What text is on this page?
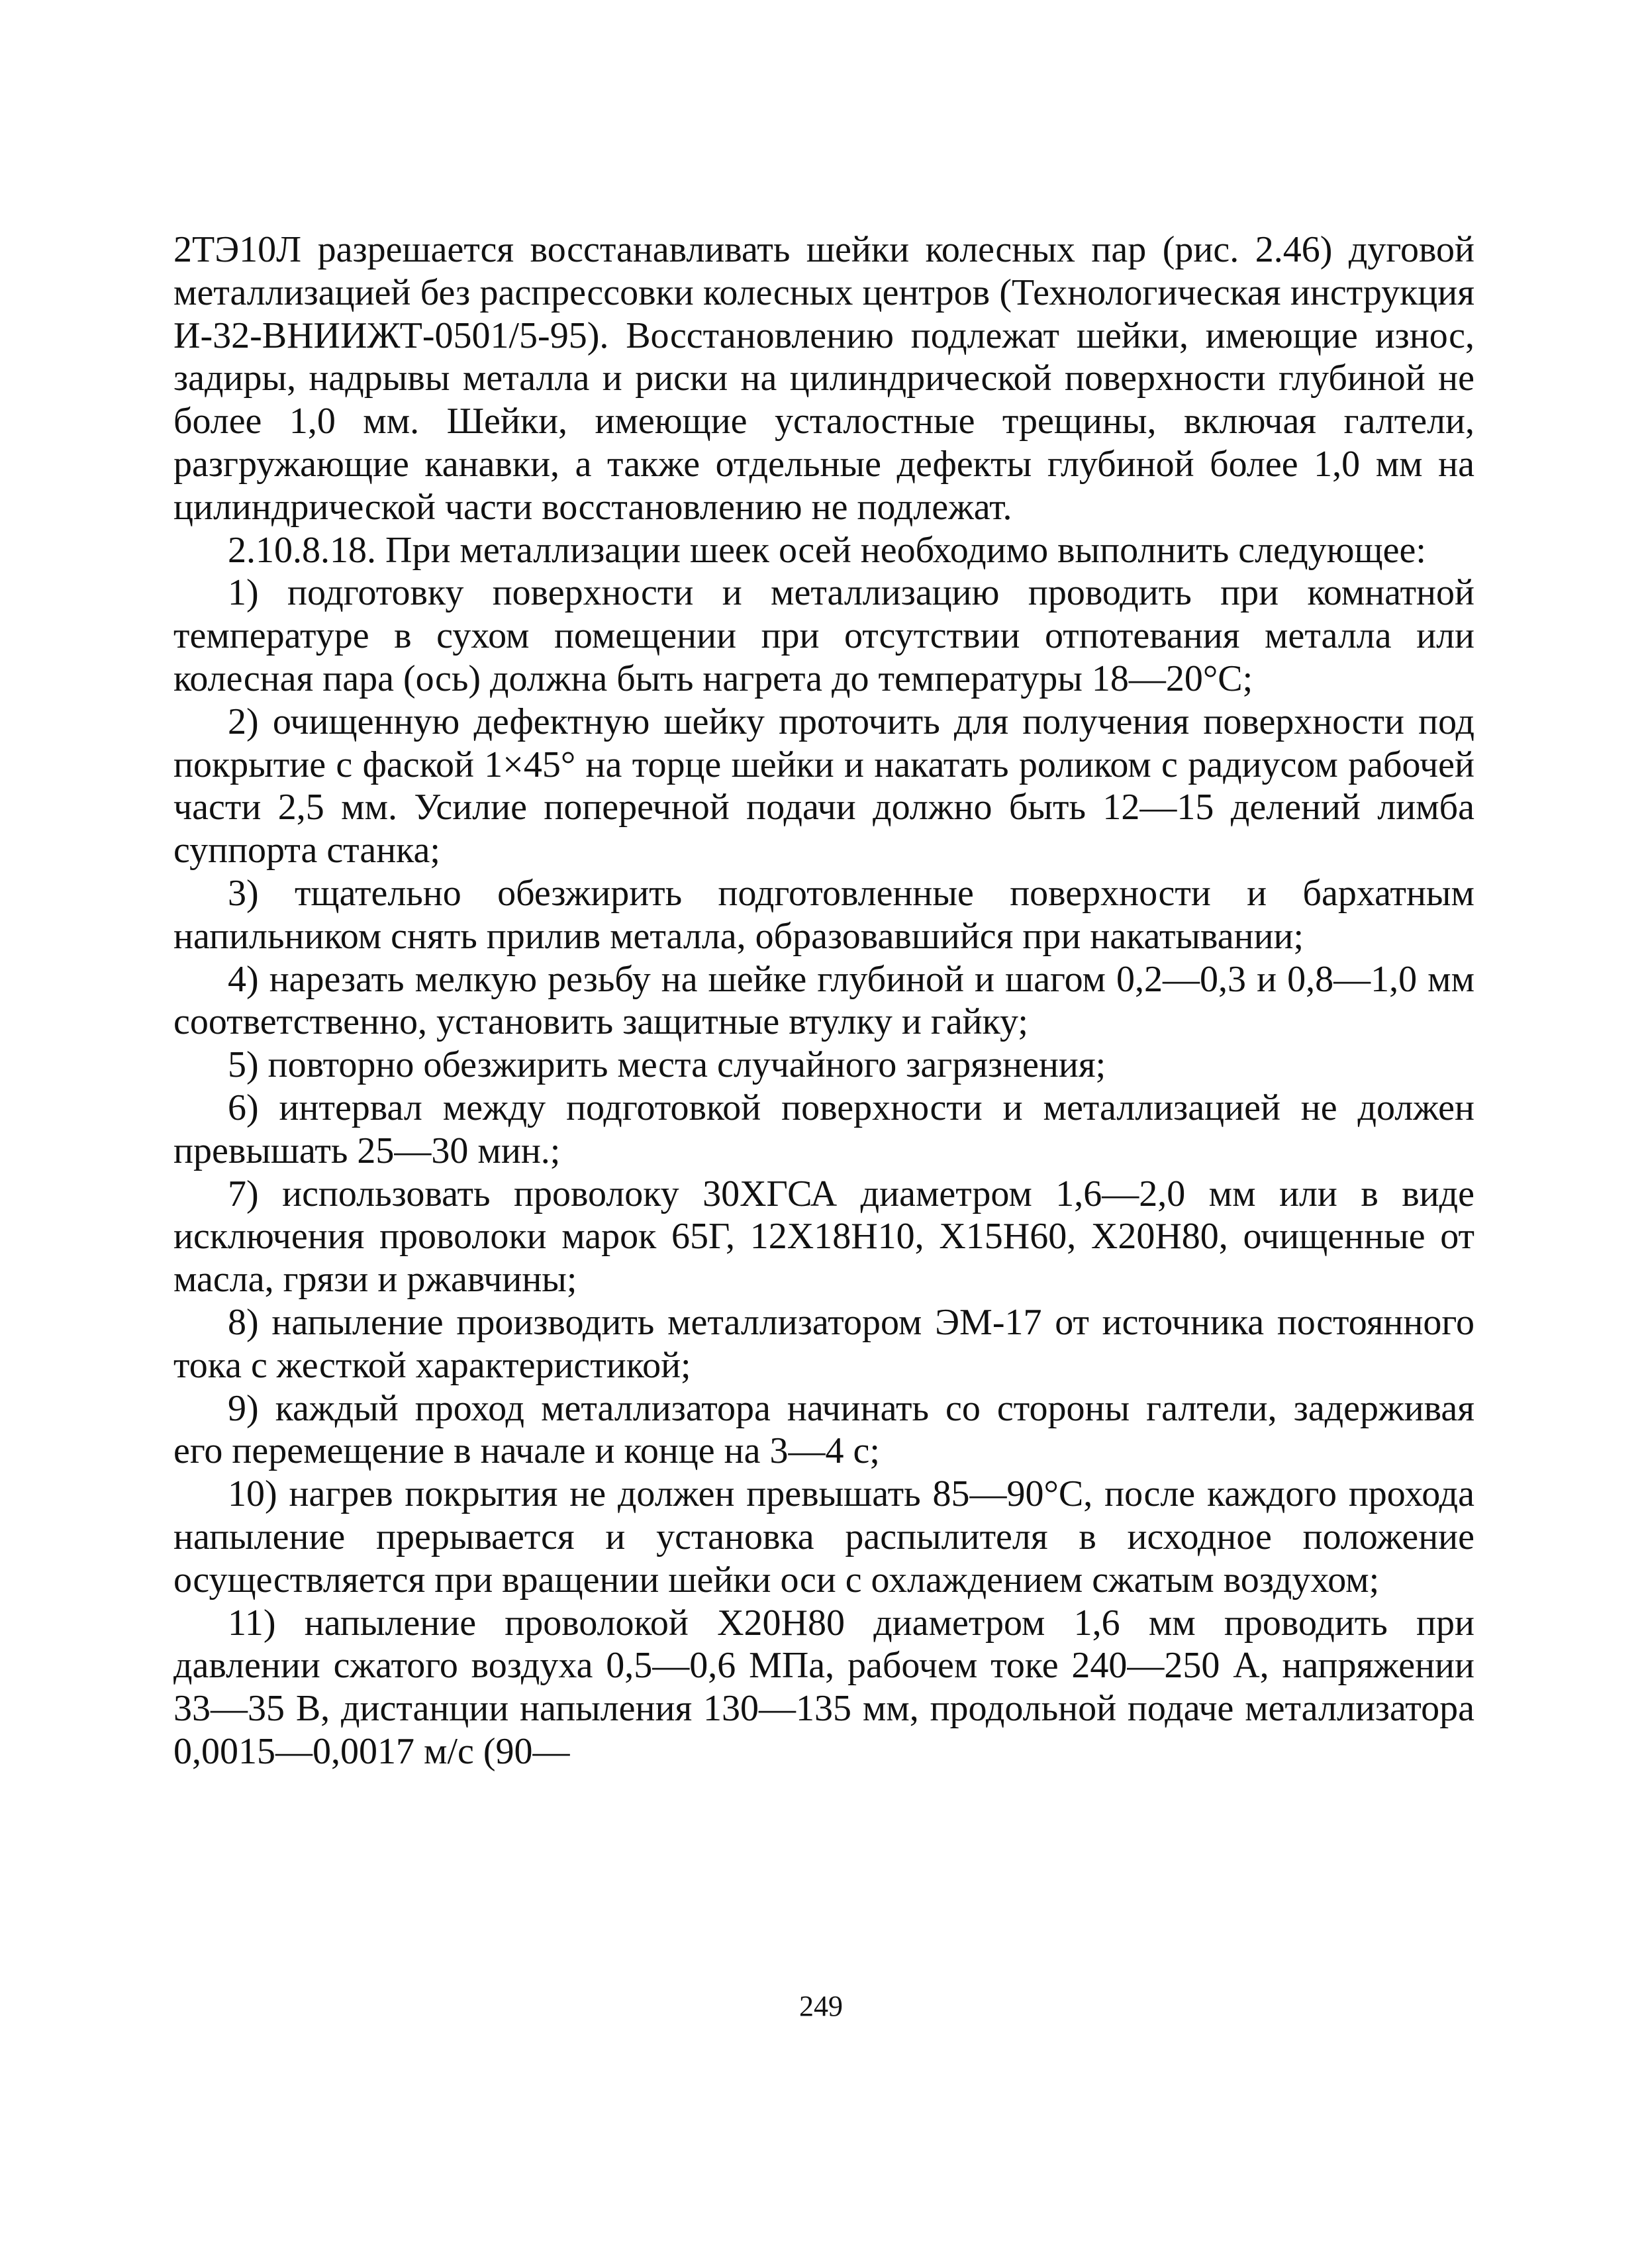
2ТЭ10Л разрешается восстанавливать шейки колесных пар (рис. 2.46) дуговой металлизацией без распрессовки колесных центров (Технологическая инструкция И-32-ВНИИЖТ-0501/5-95). Восстановлению подлежат шейки, имеющие износ, задиры, надрывы металла и риски на цилиндрической поверхности глубиной не более 1,0 мм. Шейки, имеющие усталостные трещины, включая галтели, разгружающие канавки, а также отдельные дефекты глубиной более 1,0 мм на цилиндрической части восстановлению не подлежат.

2.10.8.18. При металлизации шеек осей необходимо выполнить следующее:

1) подготовку поверхности и металлизацию проводить при комнатной температуре в сухом помещении при отсутствии отпотевания металла или колесная пара (ось) должна быть нагрета до температуры 18—20°С;

2) очищенную дефектную шейку проточить для получения поверхности под покрытие с фаской 1×45° на торце шейки и накатать роликом с радиусом рабочей части 2,5 мм. Усилие поперечной подачи должно быть 12—15 делений лимба суппорта станка;

3) тщательно обезжирить подготовленные поверхности и бархатным напильником снять прилив металла, образовавшийся при накатывании;

4) нарезать мелкую резьбу на шейке глубиной и шагом 0,2—0,3 и 0,8—1,0 мм соответственно, установить защитные втулку и гайку;

5) повторно обезжирить места случайного загрязнения;

6) интервал между подготовкой поверхности и металлизацией не должен превышать 25—30 мин.;

7) использовать проволоку 30ХГСА диаметром 1,6—2,0 мм или в виде исключения проволоки марок 65Г, 12Х18Н10, Х15Н60, Х20Н80, очищенные от масла, грязи и ржавчины;

8) напыление производить металлизатором ЭМ-17 от источника постоянного тока с жесткой характеристикой;

9) каждый проход металлизатора начинать со стороны галтели, задерживая его перемещение в начале и конце на 3—4 с;

10) нагрев покрытия не должен превышать 85—90°С, после каждого прохода напыление прерывается и установка распылителя в исходное положение осуществляется при вращении шейки оси с охлаждением сжатым воздухом;

11) напыление проволокой Х20Н80 диаметром 1,6 мм проводить при давлении сжатого воздуха 0,5—0,6 МПа, рабочем токе 240—250 А, напряжении 33—35 В, дистанции напыления 130—135 мм, продольной подаче металлизатора 0,0015—0,0017 м/с (90—

249
